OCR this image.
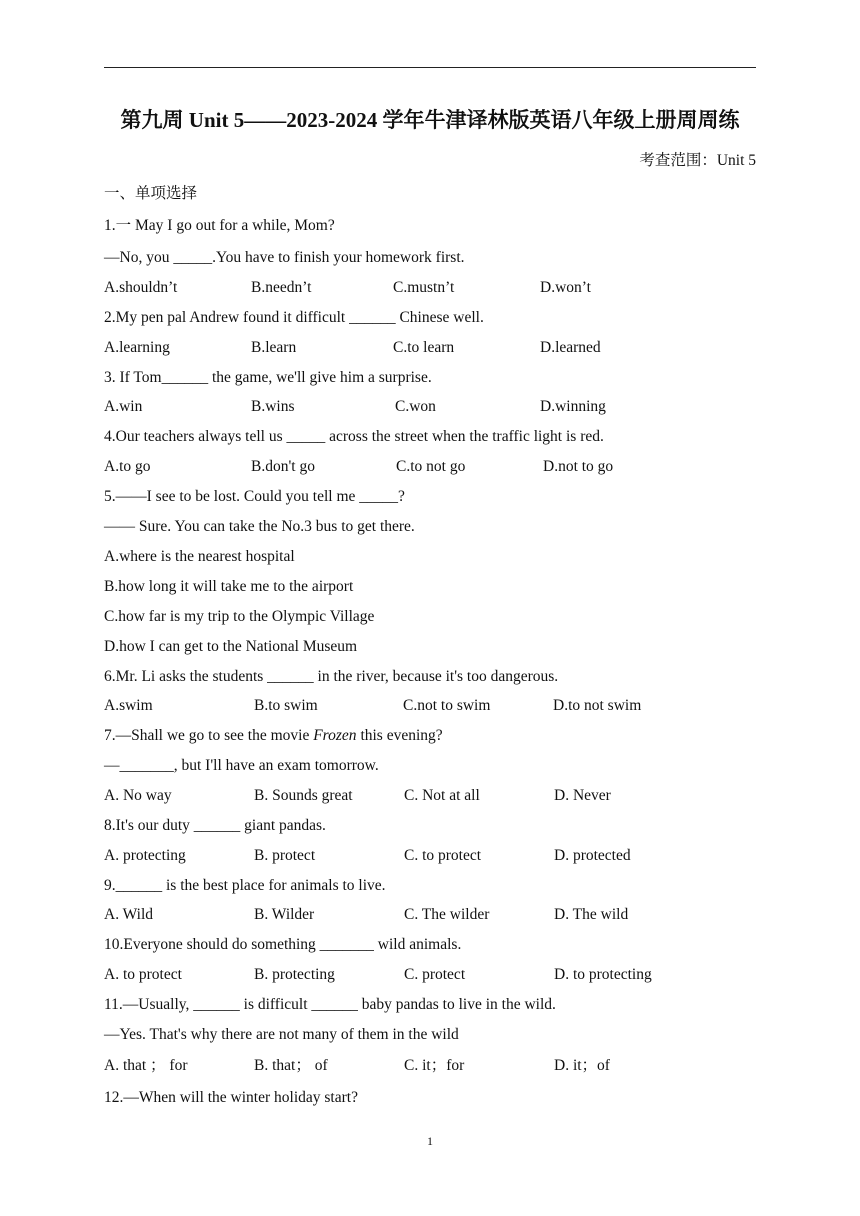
第九周 Unit 5——2023-2024 学年牛津译林版英语八年级上册周周练
考查范围：Unit 5
一、单项选择
1.一 May I go out for a while, Mom?
—No, you _____.You have to finish your homework first.
A.shouldn’t	B.needn’t	C.mustn’t	D.won’t
2.My pen pal Andrew found it difficult ______ Chinese well.
A.learning	B.learn	C.to learn	D.learned
3. If Tom______ the game, we'll give him a surprise.
A.win	B.wins	C.won	D.winning
4.Our teachers always tell us _____ across the street when the traffic light is red.
A.to go	B.don't go	C.to not go	D.not to go
5.——I see to be lost. Could you tell me _____?
—— Sure. You can take the No.3 bus to get there.
A.where is the nearest hospital
B.how long it will take me to the airport
C.how far is my trip to the Olympic Village
D.how I can get to the National Museum
6.Mr. Li asks the students ______ in the river, because it's too dangerous.
A.swim	B.to swim	C.not to swim	D.to not swim
7.—Shall we go to see the movie Frozen this evening?
—_______, but I'll have an exam tomorrow.
A. No way	B. Sounds great	C. Not at all	D. Never
8.It's our duty ______ giant pandas.
A. protecting	B. protect	C. to protect	D. protected
9.______ is the best place for animals to live.
A. Wild	B. Wilder	C. The wilder	D. The wild
10.Everyone should do something _______ wild animals.
A. to protect	B. protecting	C. protect	D. to protecting
11.—Usually, ______ is difficult ______ baby pandas to live in the wild.
—Yes. That's why there are not many of them in the wild
A. that ； for	B. that； of	C. it；for	D. it；of
12.—When will the winter holiday start?
1
